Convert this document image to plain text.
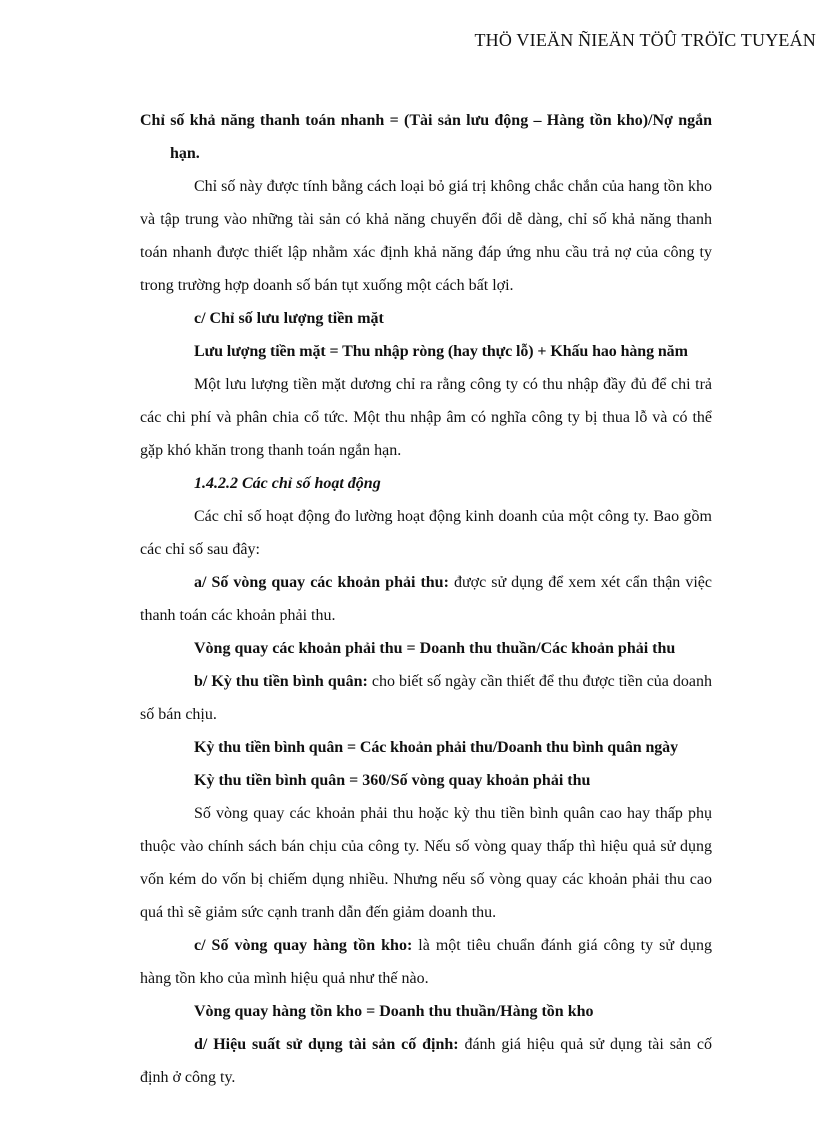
THÖ VIEÄN ÑIEÄN TÖÛ TRÖÏC TUYEÁN

Chỉ số khả năng thanh toán nhanh = (Tài sản lưu động – Hàng tồn kho)/Nợ ngắn hạn.

Chỉ số này được tính bằng cách loại bỏ giá trị không chắc chắn của hang tồn kho và tập trung vào những tài sản có khả năng chuyển đổi dễ dàng, chỉ số khả năng thanh toán nhanh được thiết lập nhằm xác định khả năng đáp ứng nhu cầu trả nợ của công ty trong trường hợp doanh số bán tụt xuống một cách bất lợi.

c/ Chỉ số lưu lượng tiền mặt

Lưu lượng tiền mặt = Thu nhập ròng (hay thực lỗ) + Khấu hao hàng năm

Một lưu lượng tiền mặt dương chỉ ra rằng công ty có thu nhập đầy đủ để chi trả các chi phí và phân chia cổ tức. Một thu nhập âm có nghĩa công ty bị thua lỗ và có thể gặp khó khăn trong thanh toán ngắn hạn.

1.4.2.2 Các chỉ số hoạt động

Các chỉ số hoạt động đo lường hoạt động kinh doanh của một công ty. Bao gồm các chỉ số sau đây:

a/ Số vòng quay các khoản phải thu: được sử dụng để xem xét cẩn thận việc thanh toán các khoản phải thu.

Vòng quay các khoản phải thu = Doanh thu thuần/Các khoản phải thu

b/ Kỳ thu tiền bình quân: cho biết số ngày cần thiết để thu được tiền của doanh số bán chịu.

Kỳ thu tiền bình quân = Các khoản phải thu/Doanh thu bình quân ngày

Kỳ thu tiền bình quân = 360/Số vòng quay khoản phải thu

Số vòng quay các khoản phải thu hoặc kỳ thu tiền bình quân cao hay thấp phụ thuộc vào chính sách bán chịu của công ty. Nếu số vòng quay thấp thì hiệu quả sử dụng vốn kém do vốn bị chiếm dụng nhiều. Nhưng nếu số vòng quay các khoản phải thu cao quá thì sẽ giảm sức cạnh tranh dẫn đến giảm doanh thu.

c/ Số vòng quay hàng tồn kho: là một tiêu chuẩn đánh giá công ty sử dụng hàng tồn kho của mình hiệu quả như thế nào.

Vòng quay hàng tồn kho = Doanh thu thuần/Hàng tồn kho

d/ Hiệu suất sử dụng tài sản cố định: đánh giá hiệu quả sử dụng tài sản cố định ở công ty.
